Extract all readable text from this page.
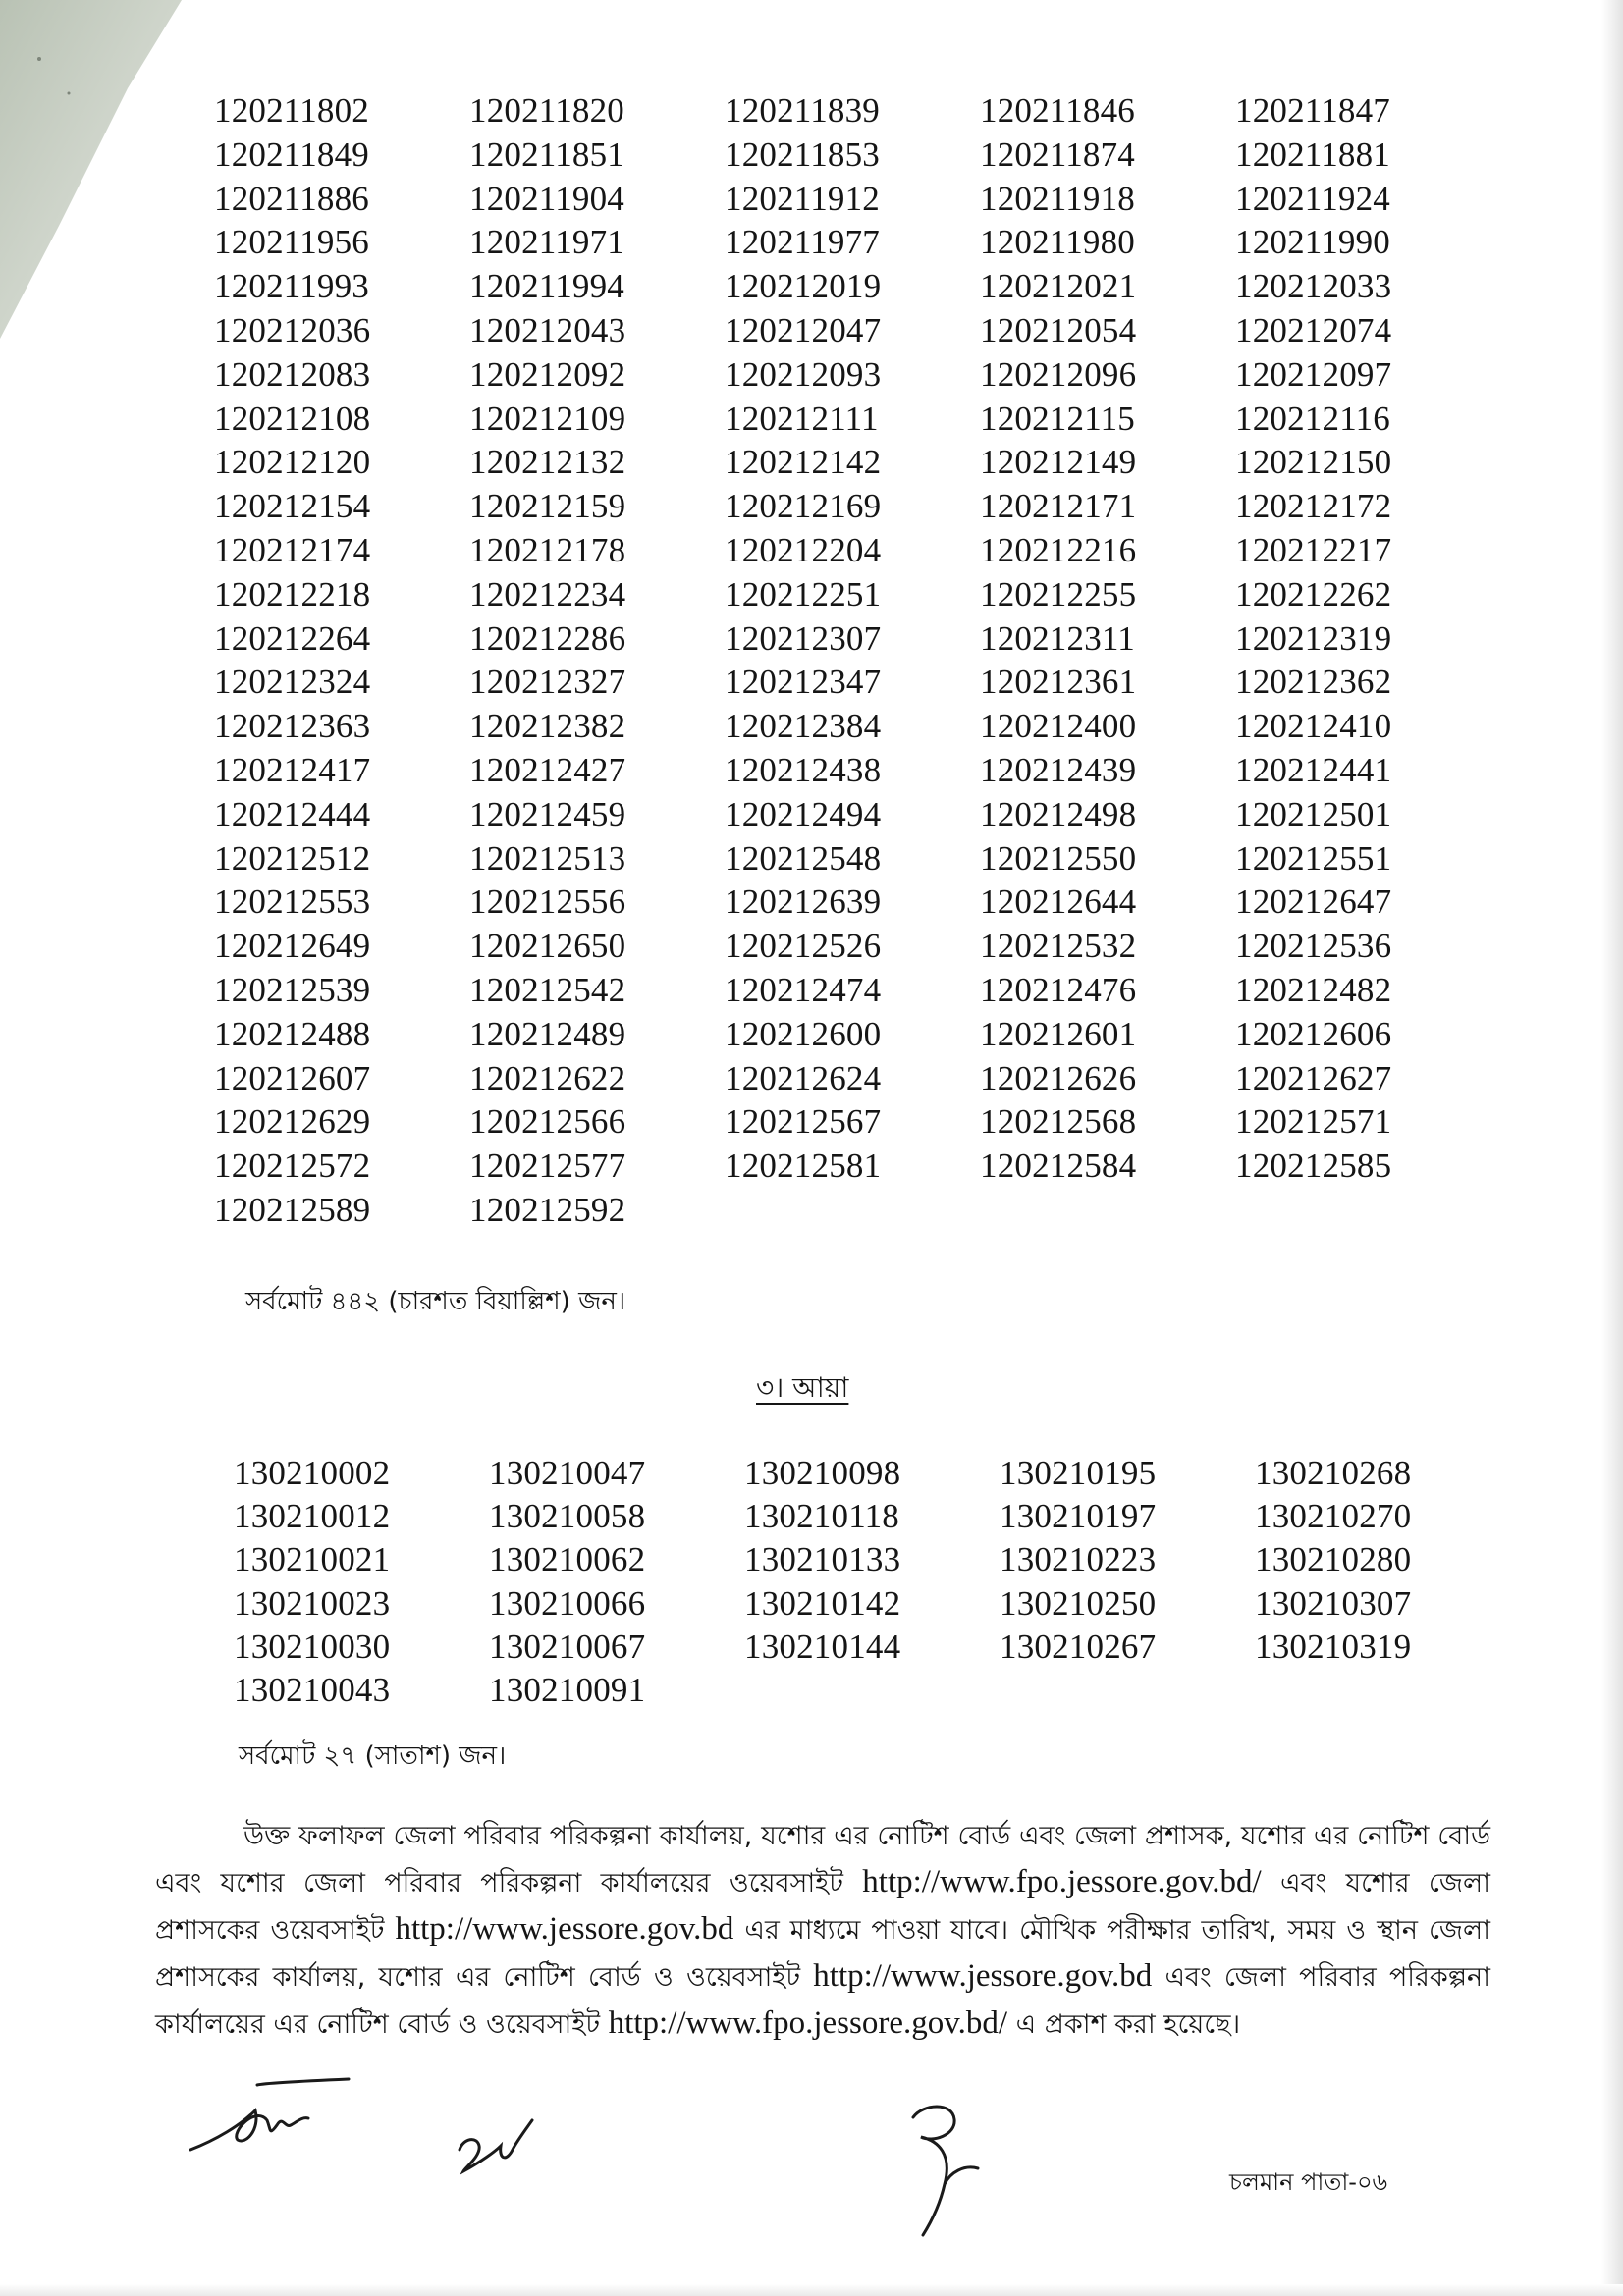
120211802	120211820	120211839	120211846	120211847
120211849	120211851	120211853	120211874	120211881
120211886	120211904	120211912	120211918	120211924
120211956	120211971	120211977	120211980	120211990
120211993	120211994	120212019	120212021	120212033
120212036	120212043	120212047	120212054	120212074
120212083	120212092	120212093	120212096	120212097
120212108	120212109	120212111	120212115	120212116
120212120	120212132	120212142	120212149	120212150
120212154	120212159	120212169	120212171	120212172
120212174	120212178	120212204	120212216	120212217
120212218	120212234	120212251	120212255	120212262
120212264	120212286	120212307	120212311	120212319
120212324	120212327	120212347	120212361	120212362
120212363	120212382	120212384	120212400	120212410
120212417	120212427	120212438	120212439	120212441
120212444	120212459	120212494	120212498	120212501
120212512	120212513	120212548	120212550	120212551
120212553	120212556	120212639	120212644	120212647
120212649	120212650	120212526	120212532	120212536
120212539	120212542	120212474	120212476	120212482
120212488	120212489	120212600	120212601	120212606
120212607	120212622	120212624	120212626	120212627
120212629	120212566	120212567	120212568	120212571
120212572	120212577	120212581	120212584	120212585
120212589	120212592
সর্বমোট ৪৪২ (চারশত বিয়াল্লিশ) জন।
৩। আয়া
130210002	130210047	130210098	130210195	130210268
130210012	130210058	130210118	130210197	130210270
130210021	130210062	130210133	130210223	130210280
130210023	130210066	130210142	130210250	130210307
130210030	130210067	130210144	130210267	130210319
130210043	130210091
সর্বমোট ২৭ (সাতাশ) জন।
উক্ত ফলাফল জেলা পরিবার পরিকল্পনা কার্যালয়, যশোর এর নোটিশ বোর্ড এবং জেলা প্রশাসক, যশোর এর নোটিশ বোর্ড এবং যশোর জেলা পরিবার পরিকল্পনা কার্যালয়ের ওয়েবসাইট http://www.fpo.jessore.gov.bd/ এবং যশোর জেলা প্রশাসকের ওয়েবসাইট http://www.jessore.gov.bd এর মাধ্যমে পাওয়া যাবে। মৌখিক পরীক্ষার তারিখ, সময় ও স্থান জেলা প্রশাসকের কার্যালয়, যশোর এর নোটিশ বোর্ড ও ওয়েবসাইট http://www.jessore.gov.bd এবং জেলা পরিবার পরিকল্পনা কার্যালয়ের এর নোটিশ বোর্ড ও ওয়েবসাইট http://www.fpo.jessore.gov.bd/ এ প্রকাশ করা হয়েছে।
চলমান পাতা-০৬
